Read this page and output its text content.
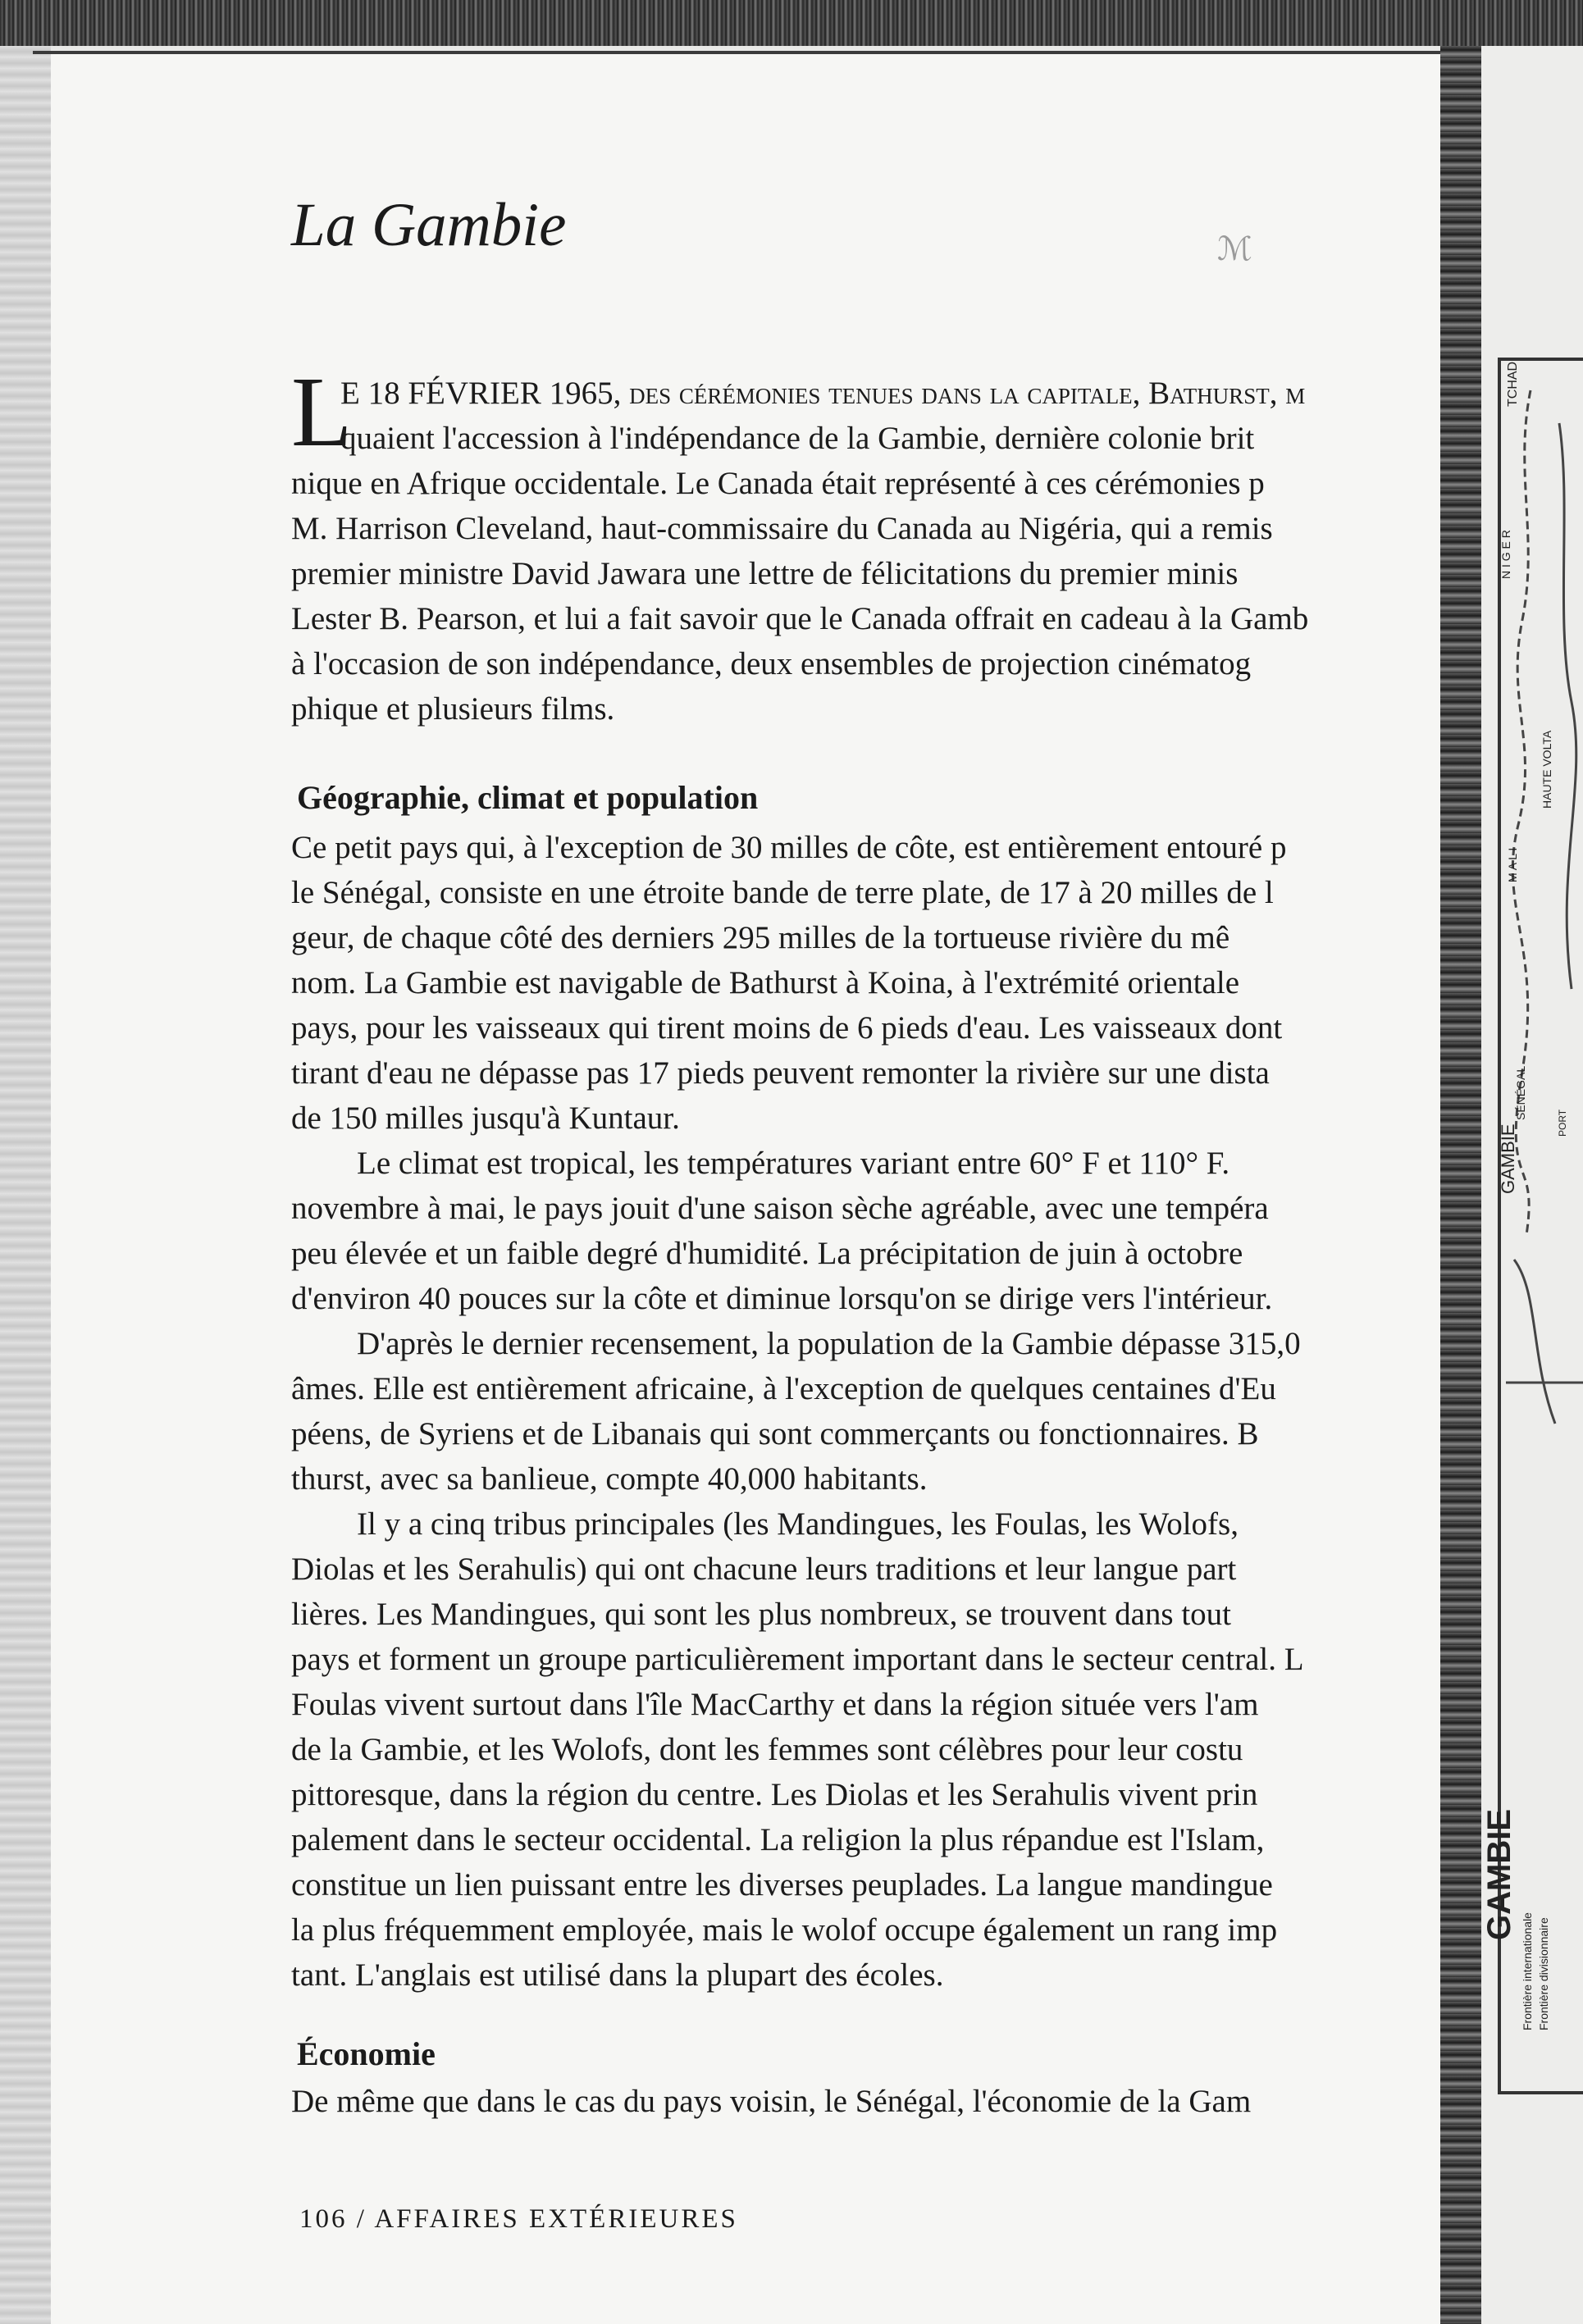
La Gambie	ℳ
L
E 18 FÉVRIER 1965, des cérémonies tenues dans la capitale, Bathurst, m
quaient l'accession à l'indépendance de la Gambie, dernière colonie brit
nique en Afrique occidentale. Le Canada était représenté à ces cérémonies p
M. Harrison Cleveland, haut-commissaire du Canada au Nigéria, qui a remis
premier ministre David Jawara une lettre de félicitations du premier minis
Lester B. Pearson, et lui a fait savoir que le Canada offrait en cadeau à la Gamb
à l'occasion de son indépendance, deux ensembles de projection cinématog
phique et plusieurs films.
Géographie, climat et population
Ce petit pays qui, à l'exception de 30 milles de côte, est entièrement entouré p
le Sénégal, consiste en une étroite bande de terre plate, de 17 à 20 milles de l
geur, de chaque côté des derniers 295 milles de la tortueuse rivière du mê
nom. La Gambie est navigable de Bathurst à Koina, à l'extrémité orientale
pays, pour les vaisseaux qui tirent moins de 6 pieds d'eau. Les vaisseaux dont
tirant d'eau ne dépasse pas 17 pieds peuvent remonter la rivière sur une dista
de 150 milles jusqu'à Kuntaur.
Le climat est tropical, les températures variant entre 60° F et 110° F.
novembre à mai, le pays jouit d'une saison sèche agréable, avec une tempéra
peu élevée et un faible degré d'humidité. La précipitation de juin à octobre
d'environ 40 pouces sur la côte et diminue lorsqu'on se dirige vers l'intérieur.
D'après le dernier recensement, la population de la Gambie dépasse 315,0
âmes. Elle est entièrement africaine, à l'exception de quelques centaines d'Eu
péens, de Syriens et de Libanais qui sont commerçants ou fonctionnaires. B
thurst, avec sa banlieue, compte 40,000 habitants.
Il y a cinq tribus principales (les Mandingues, les Foulas, les Wolofs,
Diolas et les Serahulis) qui ont chacune leurs traditions et leur langue part
lières. Les Mandingues, qui sont les plus nombreux, se trouvent dans tout
pays et forment un groupe particulièrement important dans le secteur central. L
Foulas vivent surtout dans l'île MacCarthy et dans la région située vers l'am
de la Gambie, et les Wolofs, dont les femmes sont célèbres pour leur costu
pittoresque, dans la région du centre. Les Diolas et les Serahulis vivent prin
palement dans le secteur occidental. La religion la plus répandue est l'Islam,
constitue un lien puissant entre les diverses peuplades. La langue mandingue
la plus fréquemment employée, mais le wolof occupe également un rang imp
tant. L'anglais est utilisé dans la plupart des écoles.
Économie
De même que dans le cas du pays voisin, le Sénégal, l'économie de la Gam
106 / AFFAIRES EXTÉRIEURES
TCHAD
N I G E R
M A L I
HAUTE VOLTA
SÉNÉGAL
GAMBIE
PORT
GAMBIE
Frontière internationale Frontière divisionnaire
